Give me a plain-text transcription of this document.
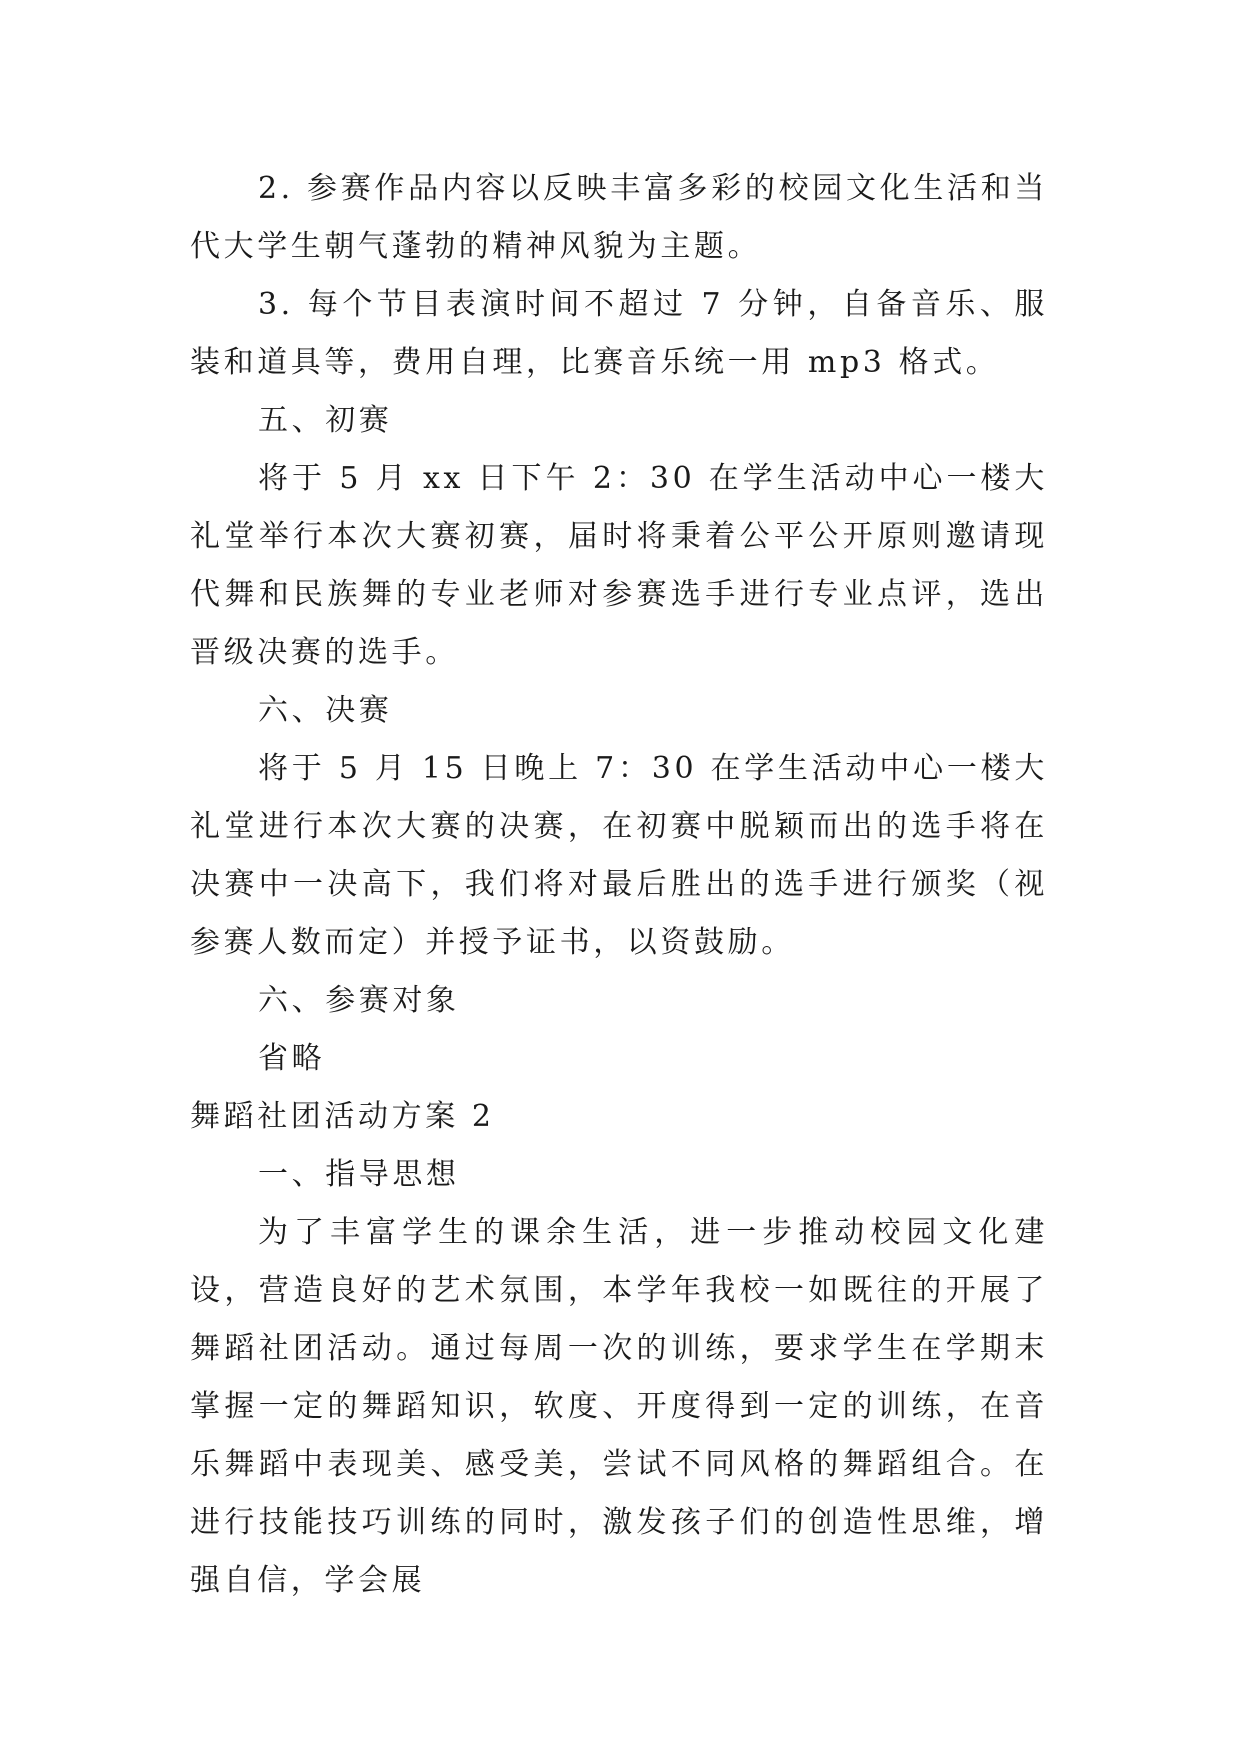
2. 参赛作品内容以反映丰富多彩的校园文化生活和当代大学生朝气蓬勃的精神风貌为主题。

3. 每个节目表演时间不超过 7 分钟，自备音乐、服装和道具等，费用自理，比赛音乐统一用 mp3 格式。

五、初赛

将于 5 月 xx 日下午 2：30 在学生活动中心一楼大礼堂举行本次大赛初赛，届时将秉着公平公开原则邀请现代舞和民族舞的专业老师对参赛选手进行专业点评，选出晋级决赛的选手。

六、决赛

将于 5 月 15 日晚上 7：30 在学生活动中心一楼大礼堂进行本次大赛的决赛，在初赛中脱颖而出的选手将在决赛中一决高下，我们将对最后胜出的选手进行颁奖（视参赛人数而定）并授予证书，以资鼓励。

六、参赛对象

省略

舞蹈社团活动方案 2

一、指导思想

为了丰富学生的课余生活，进一步推动校园文化建设，营造良好的艺术氛围，本学年我校一如既往的开展了舞蹈社团活动。通过每周一次的训练，要求学生在学期末掌握一定的舞蹈知识，软度、开度得到一定的训练，在音乐舞蹈中表现美、感受美，尝试不同风格的舞蹈组合。在进行技能技巧训练的同时，激发孩子们的创造性思维，增强自信，学会展
